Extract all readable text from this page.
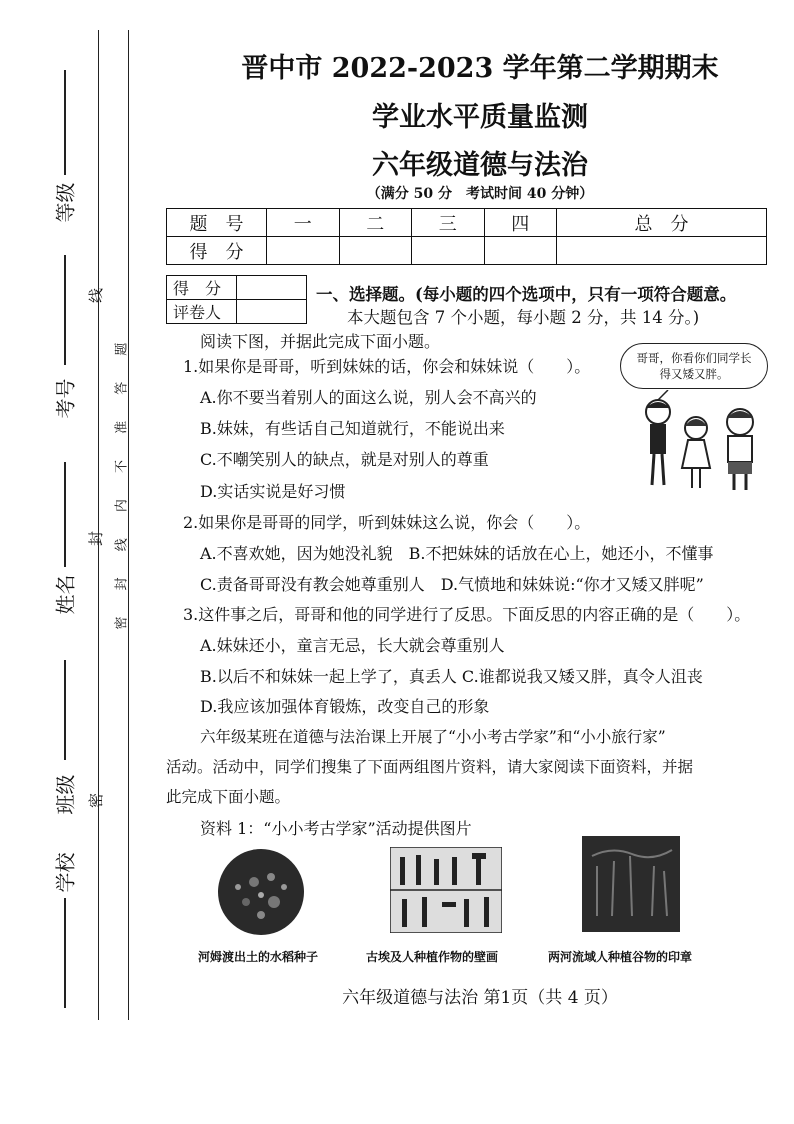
等级
考号
姓名
班级
学校
线
封
密
密 封 线 内 不 准 答 题
晋中市 2022-2023 学年第二学期期末
学业水平质量监测
六年级道德与法治
（满分 50 分　考试时间 40 分钟）
题　号	一	二	三	四	总　分
得　分					
得　分	
评卷人	
一、选择题。(每小题的四个选项中，只有一项符合题意。
本大题包含 7 个小题，每小题 2 分，共 14 分。)
阅读下图，并据此完成下面小题。
1.如果你是哥哥，听到妹妹的话，你会和妹妹说（　　）。
A.你不要当着别人的面这么说，别人会不高兴的
B.妹妹，有些话自己知道就行，不能说出来
C.不嘲笑别人的缺点，就是对别人的尊重
D.实话实说是好习惯
哥哥，你看你们同学长得又矮又胖。
2.如果你是哥哥的同学，听到妹妹这么说，你会（　　）。
A.不喜欢她，因为她没礼貌　B.不把妹妹的话放在心上，她还小，不懂事
C.责备哥哥没有教会她尊重别人　D.气愤地和妹妹说:“你才又矮又胖呢”
3.这件事之后，哥哥和他的同学进行了反思。下面反思的内容正确的是（　　）。
A.妹妹还小，童言无忌，长大就会尊重别人
B.以后不和妹妹一起上学了，真丢人 C.谁都说我又矮又胖，真令人沮丧
D.我应该加强体育锻炼，改变自己的形象
六年级某班在道德与法治课上开展了“小小考古学家”和“小小旅行家”
活动。活动中，同学们搜集了下面两组图片资料，请大家阅读下面资料，并据
此完成下面小题。
资料 1：“小小考古学家”活动提供图片
河姆渡出土的水稻种子	古埃及人种植作物的壁画	两河流域人种植谷物的印章
六年级道德与法治 第1页（共 4 页）
